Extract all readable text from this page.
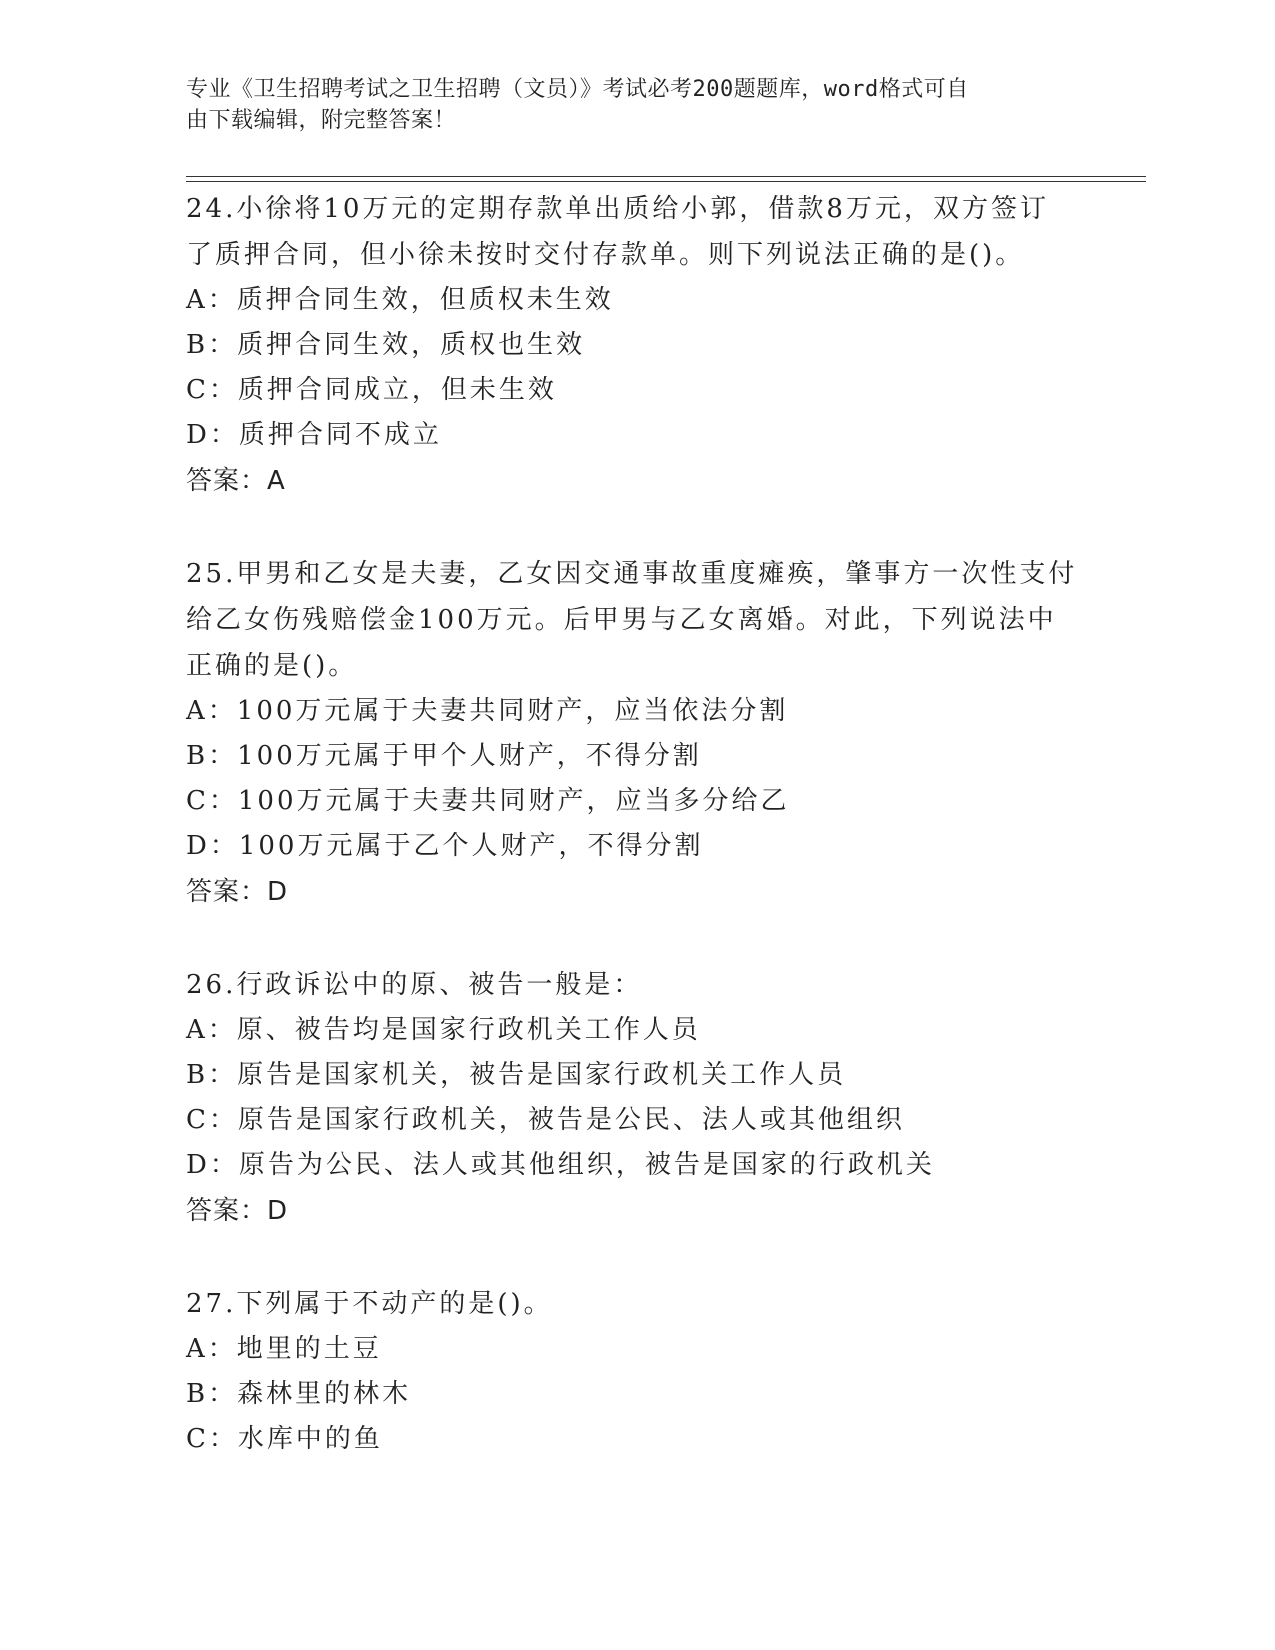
专业《卫生招聘考试之卫生招聘（文员）》考试必考200题题库，word格式可自
由下载编辑，附完整答案！

24.小徐将10万元的定期存款单出质给小郭，借款8万元，双方签订

了质押合同，但小徐未按时交付存款单。则下列说法正确的是()。

A：质押合同生效，但质权未生效

B：质押合同生效，质权也生效

C：质押合同成立，但未生效

D：质押合同不成立

答案：A

25.甲男和乙女是夫妻，乙女因交通事故重度瘫痪，肇事方一次性支付

给乙女伤残赔偿金100万元。后甲男与乙女离婚。对此，下列说法中

正确的是()。

A：100万元属于夫妻共同财产，应当依法分割

B：100万元属于甲个人财产，不得分割

C：100万元属于夫妻共同财产，应当多分给乙

D：100万元属于乙个人财产，不得分割

答案：D

26.行政诉讼中的原、被告一般是：

A：原、被告均是国家行政机关工作人员

B：原告是国家机关，被告是国家行政机关工作人员

C：原告是国家行政机关，被告是公民、法人或其他组织

D：原告为公民、法人或其他组织，被告是国家的行政机关

答案：D

27.下列属于不动产的是()。

A：地里的土豆

B：森林里的林木

C：水库中的鱼
